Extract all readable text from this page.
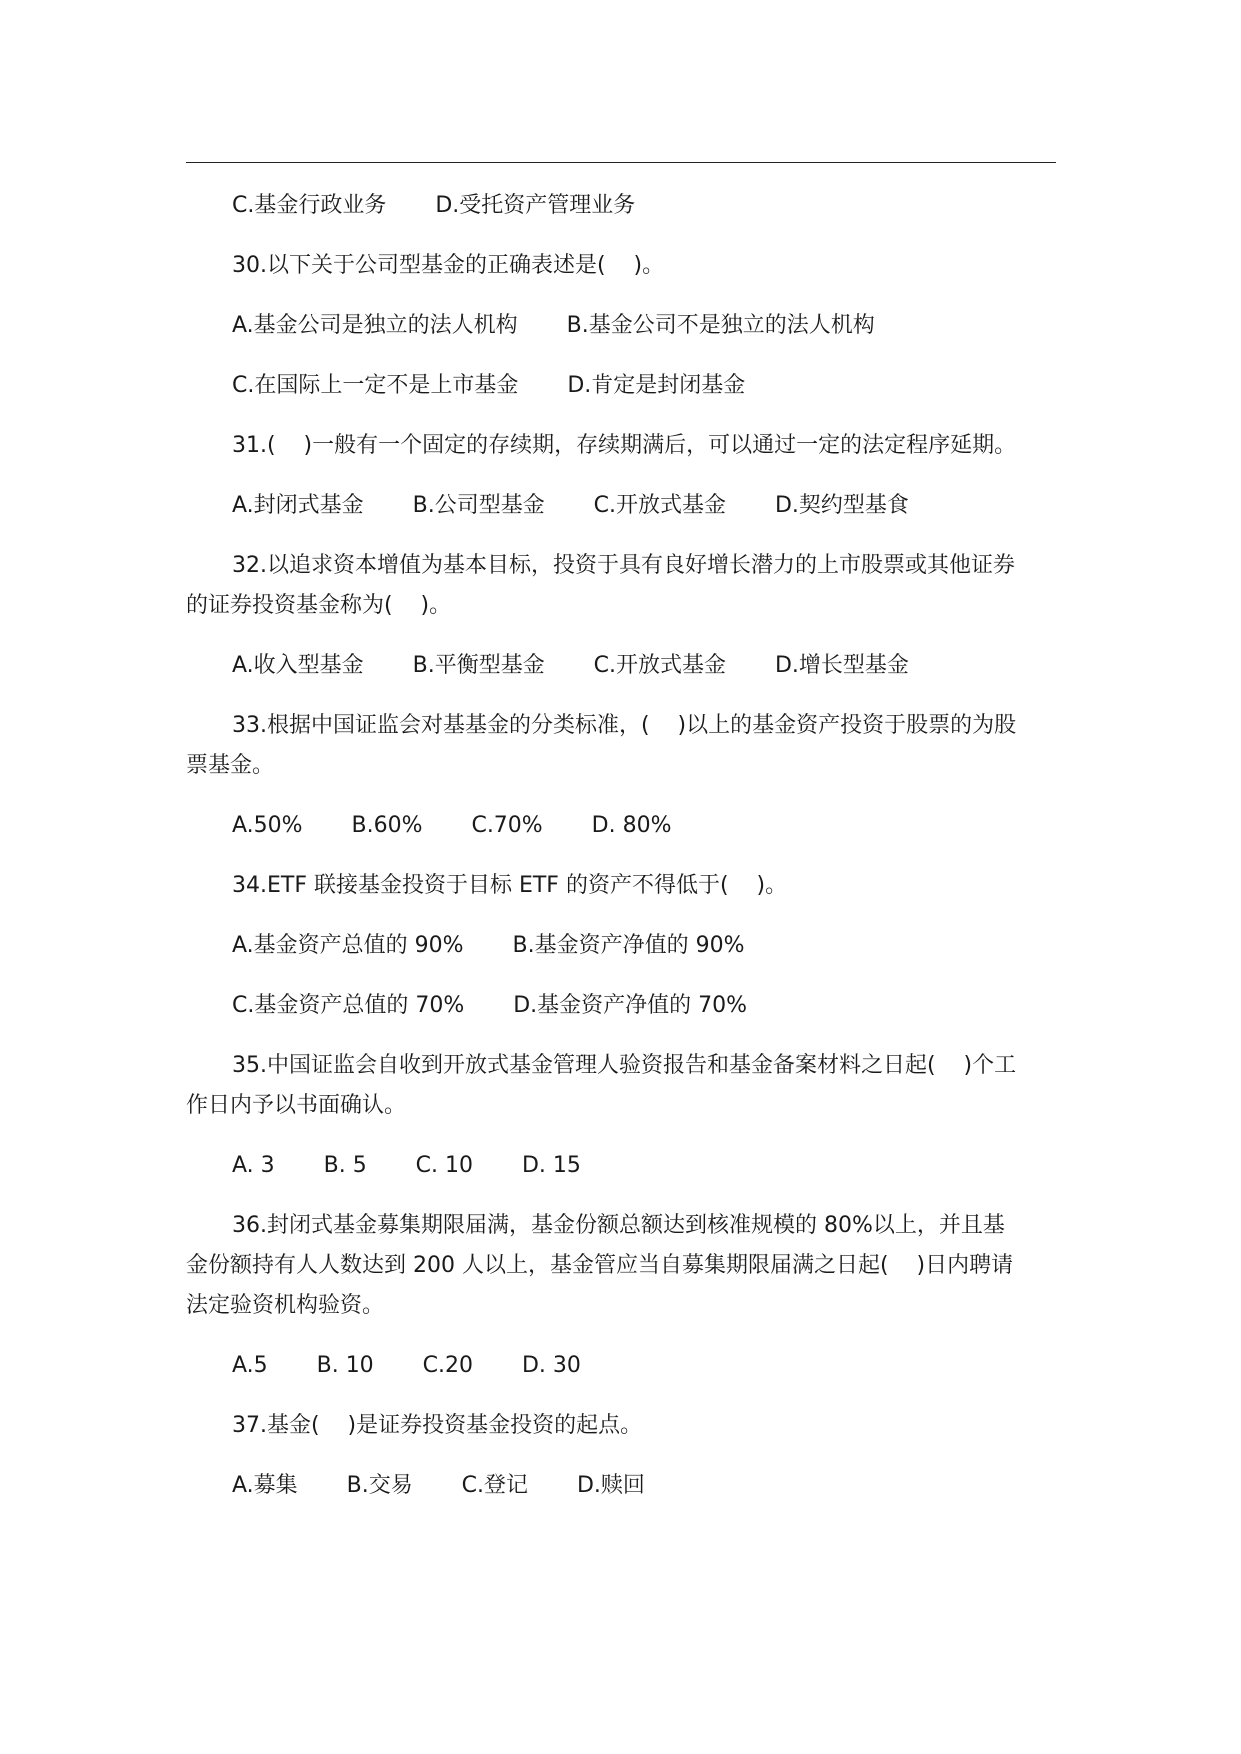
C.基金行政业务 D.受托资产管理业务

30.以下关于公司型基金的正确表述是(    )。

A.基金公司是独立的法人机构 B.基金公司不是独立的法人机构

C.在国际上一定不是上市基金 D.肯定是封闭基金

31.(    )一般有一个固定的存续期，存续期满后，可以通过一定的法定程序延期。

A.封闭式基金 B.公司型基金 C.开放式基金 D.契约型基食

32.以追求资本增值为基本目标，投资于具有良好增长潜力的上市股票或其他证券

的证券投资基金称为(    )。

A.收入型基金 B.平衡型基金 C.开放式基金 D.增长型基金

33.根据中国证监会对基基金的分类标准，(    )以上的基金资产投资于股票的为股

票基金。

A.50% B.60% C.70% D. 80%

34.ETF 联接基金投资于目标 ETF 的资产不得低于(    )。

A.基金资产总值的 90% B.基金资产净值的 90%

C.基金资产总值的 70% D.基金资产净值的 70%

35.中国证监会自收到开放式基金管理人验资报告和基金备案材料之日起(    )个工

作日内予以书面确认。

A. 3 B. 5 C. 10 D. 15

36.封闭式基金募集期限届满，基金份额总额达到核准规模的 80%以上，并且基

金份额持有人人数达到 200 人以上，基金管应当自募集期限届满之日起(    )日内聘请

法定验资机构验资。

A.5 B. 10 C.20 D. 30

37.基金(    )是证券投资基金投资的起点。

A.募集 B.交易 C.登记 D.赎回
